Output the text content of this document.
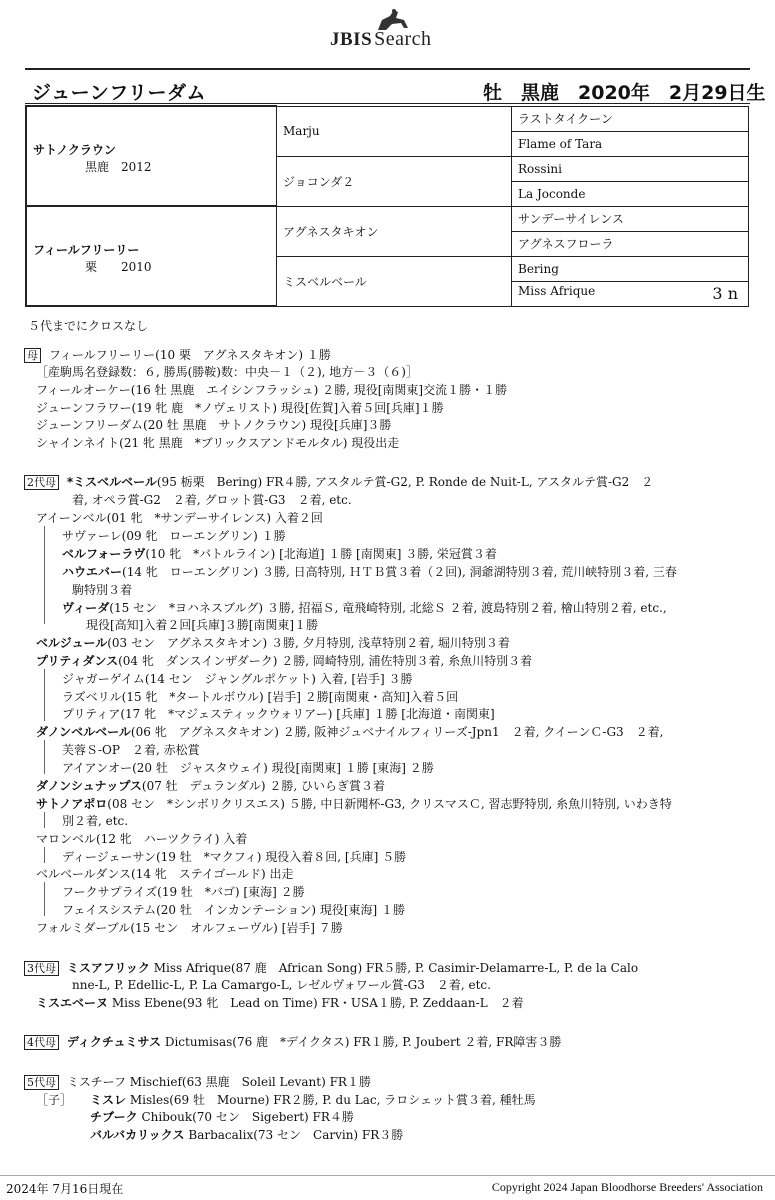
JBIS Search
ジューンフリーダム	牡　黒鹿　2020年　2月29日生
サトノクラウン
黒鹿　2012	Marju	ラストタイクーン
		Flame of Tara
	ジョコンダ２	Rossini
		La Joconde

フィールフリーリー
栗　　2010	アグネスタキオン	サンデーサイレンス
		アグネスフローラ
	ミスベルベール	Bering
		Miss Afrique 3 n
５代までにクロスなし
母 フィールフリーリー(10 栗　アグネスタキオン) １勝
［産駒馬名登録数：６, 勝馬(勝鞍)数：中央－１（２), 地方－３（６)］
フィールオーケー(16 牡 黒鹿　エイシンフラッシュ) ２勝, 現役[南関東]交流１勝・１勝
ジューンフラワー(19 牝 鹿　*ノヴェリスト) 現役[佐賀]入着５回[兵庫]１勝
ジューンフリーダム(20 牡 黒鹿　サトノクラウン) 現役[兵庫]３勝
シャインネイト(21 牝 黒鹿　*ブリックスアンドモルタル) 現役出走
2代母 *ミスベルベール(95 栃栗　Bering) FR４勝, アスタルテ賞-G2, P. Ronde de Nuit-L, アスタルテ賞-G2　２
着, オペラ賞-G2　２着, グロット賞-G3　２着, etc.
アイーンベル(01 牝　*サンデーサイレンス) 入着２回
サヴァーレ(09 牝　ローエングリン) １勝
ベルフォーラヴ(10 牝　*バトルライン) [北海道] １勝 [南関東] ３勝, 栄冠賞３着
ハウエバー(14 牝　ローエングリン) ３勝, 日高特別, ＨＴＢ賞３着（２回), 洞爺湖特別３着, 荒川峡特別３着, 三春
駒特別３着
ヴィーダ(15 セン　*ヨハネスブルグ) ３勝, 招福Ｓ, 竜飛崎特別, 北総Ｓ ２着, 渡島特別２着, 檜山特別２着, etc.,
現役[高知]入着２回[兵庫]３勝[南関東]１勝
ベルジュール(03 セン　アグネスタキオン) ３勝, 夕月特別, 浅草特別２着, 堀川特別３着
プリティダンス(04 牝　ダンスインザダーク) ２勝, 岡崎特別, 浦佐特別３着, 糸魚川特別３着
ジャガーゲイム(14 セン　ジャングルポケット) 入着, [岩手] ３勝
ラズベリル(15 牝　*タートルボウル) [岩手] ２勝[南関東・高知]入着５回
プリティア(17 牝　*マジェスティックウォリアー) [兵庫] １勝 [北海道・南関東]
ダノンベルベール(06 牝　アグネスタキオン) ２勝, 阪神ジュベナイルフィリーズ-Jpn1　２着, クイーンＣ-G3　２着,
芙蓉Ｓ-OP　２着, 赤松賞
アイアンオー(20 牡　ジャスタウェイ) 現役[南関東] １勝 [東海] ２勝
ダノンシュナップス(07 牡　デュランダル) ２勝, ひいらぎ賞３着
サトノアポロ(08 セン　*シンボリクリスエス) ５勝, 中日新聞杯-G3, クリスマスＣ, 習志野特別, 糸魚川特別, いわき特
別２着, etc.
マロンベル(12 牝　ハーツクライ) 入着
ディージェーサン(19 牡　*マクフィ) 現役入着８回, [兵庫] ５勝
ベルベールダンス(14 牝　ステイゴールド) 出走
フークサプライズ(19 牡　*バゴ) [東海] ２勝
フェイスシステム(20 牡　インカンテーション) 現役[東海] １勝
フォルミダーブル(15 セン　オルフェーヴル) [岩手] ７勝
3代母 ミスアフリック Miss Afrique(87 鹿　African Song) FR５勝, P. Casimir-Delamarre-L, P. de la Calo
nne-L, P. Edellic-L, P. La Camargo-L, レゼルヴォワール賞-G3　２着, etc.
ミスエベーヌ Miss Ebene(93 牝　Lead on Time) FR・USA１勝, P. Zeddaan-L　２着
4代母 ディクチュミサス Dictumisas(76 鹿　*デイクタス) FR１勝, P. Joubert ２着, FR障害３勝
5代母 ミスチーフ Mischief(63 黒鹿　Soleil Levant) FR１勝
［子］ ミスレ Misles(69 牡　Mourne) FR２勝, P. du Lac, ラロシェット賞３着, 種牡馬
チブーク Chibouk(70 セン　Sigebert) FR４勝
バルバカリックス Barbacalix(73 セン　Carvin) FR３勝
2024年 7月16日現在	Copyright 2024 Japan Bloodhorse Breeders' Association
